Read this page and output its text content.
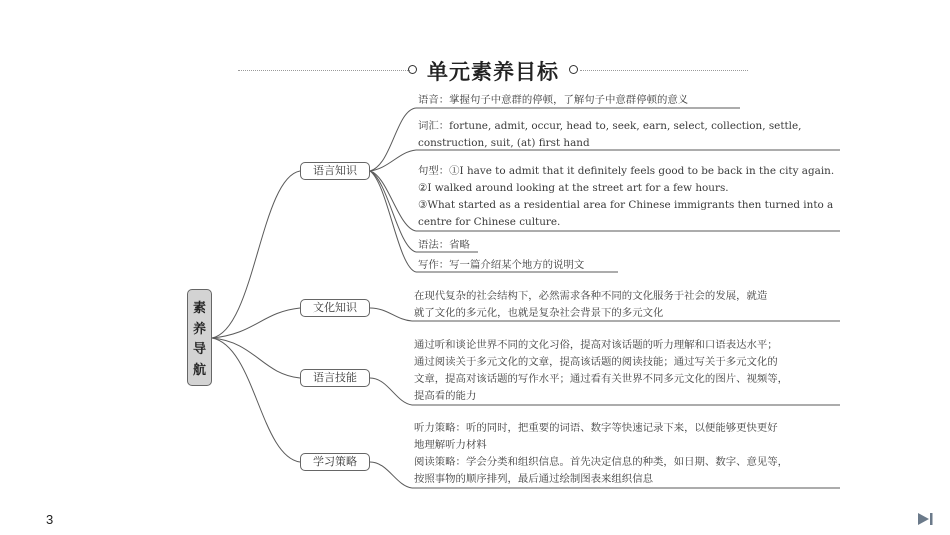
单元素养目标
素
养
导
航
语言知识
文化知识
语言技能
学习策略
语音：掌握句子中意群的停顿，了解句子中意群停顿的意义
词汇：fortune, admit, occur, head to, seek, earn, select, collection, settle,
construction, suit, (at) first hand
句型：①I have to admit that it definitely feels good to be back in the city again.
②I walked around looking at the street art for a few hours.
③What started as a residential area for Chinese immigrants then turned into a
centre for Chinese culture.
语法：省略
写作：写一篇介绍某个地方的说明文
在现代复杂的社会结构下，必然需求各种不同的文化服务于社会的发展，就造
就了文化的多元化，也就是复杂社会背景下的多元文化
通过听和谈论世界不同的文化习俗，提高对该话题的听力理解和口语表达水平；
通过阅读关于多元文化的文章，提高该话题的阅读技能；通过写关于多元文化的
文章，提高对该话题的写作水平；通过看有关世界不同多元文化的图片、视频等，
提高看的能力
听力策略：听的同时，把重要的词语、数字等快速记录下来，以便能够更快更好
地理解听力材料
阅读策略：学会分类和组织信息。首先决定信息的种类，如日期、数字、意见等，
按照事物的顺序排列，最后通过绘制图表来组织信息
3
